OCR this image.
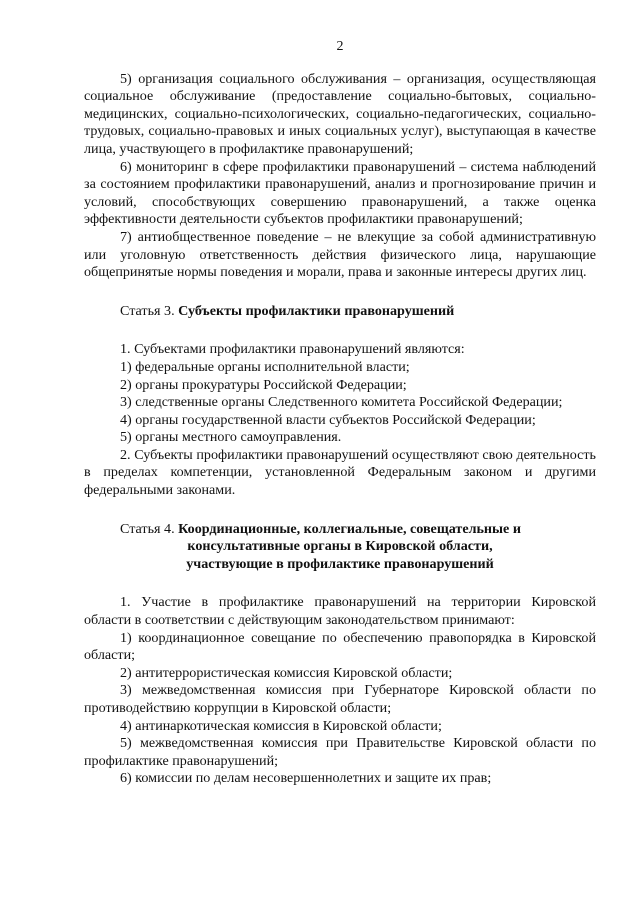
2

5) организация социального обслуживания – организация, осуществляющая социальное обслуживание (предоставление социально-бытовых, социально-медицинских, социально-психологических, социально-педагогических, социально-трудовых, социально-правовых и иных социальных услуг), выступающая в качестве лица, участвующего в профилактике правонарушений;

6) мониторинг в сфере профилактики правонарушений – система наблюдений за состоянием профилактики правонарушений, анализ и прогнозирование причин и условий, способствующих совершению правонарушений, а также оценка эффективности деятельности субъектов профилактики правонарушений;

7) антиобщественное поведение – не влекущие за собой административную или уголовную ответственность действия физического лица, нарушающие общепринятые нормы поведения и морали, права и законные интересы других лиц.

Статья 3. Субъекты профилактики правонарушений

1. Субъектами профилактики правонарушений являются:

1) федеральные органы исполнительной власти;

2) органы прокуратуры Российской Федерации;

3) следственные органы Следственного комитета Российской Федерации;

4) органы государственной власти субъектов Российской Федерации;

5) органы местного самоуправления.

2. Субъекты профилактики правонарушений осуществляют свою деятельность в пределах компетенции, установленной Федеральным законом и другими федеральными законами.

Статья 4. Координационные, коллегиальные, совещательные и
консультативные органы в Кировской области,
участвующие в профилактике правонарушений

1. Участие в профилактике правонарушений на территории Кировской области в соответствии с действующим законодательством принимают:

1) координационное совещание по обеспечению правопорядка в Кировской области;

2) антитеррористическая комиссия Кировской области;

3) межведомственная комиссия при Губернаторе Кировской области по противодействию коррупции в Кировской области;

4) антинаркотическая комиссия в Кировской области;

5) межведомственная комиссия при Правительстве Кировской области по профилактике правонарушений;

6) комиссии по делам несовершеннолетних и защите их прав;
